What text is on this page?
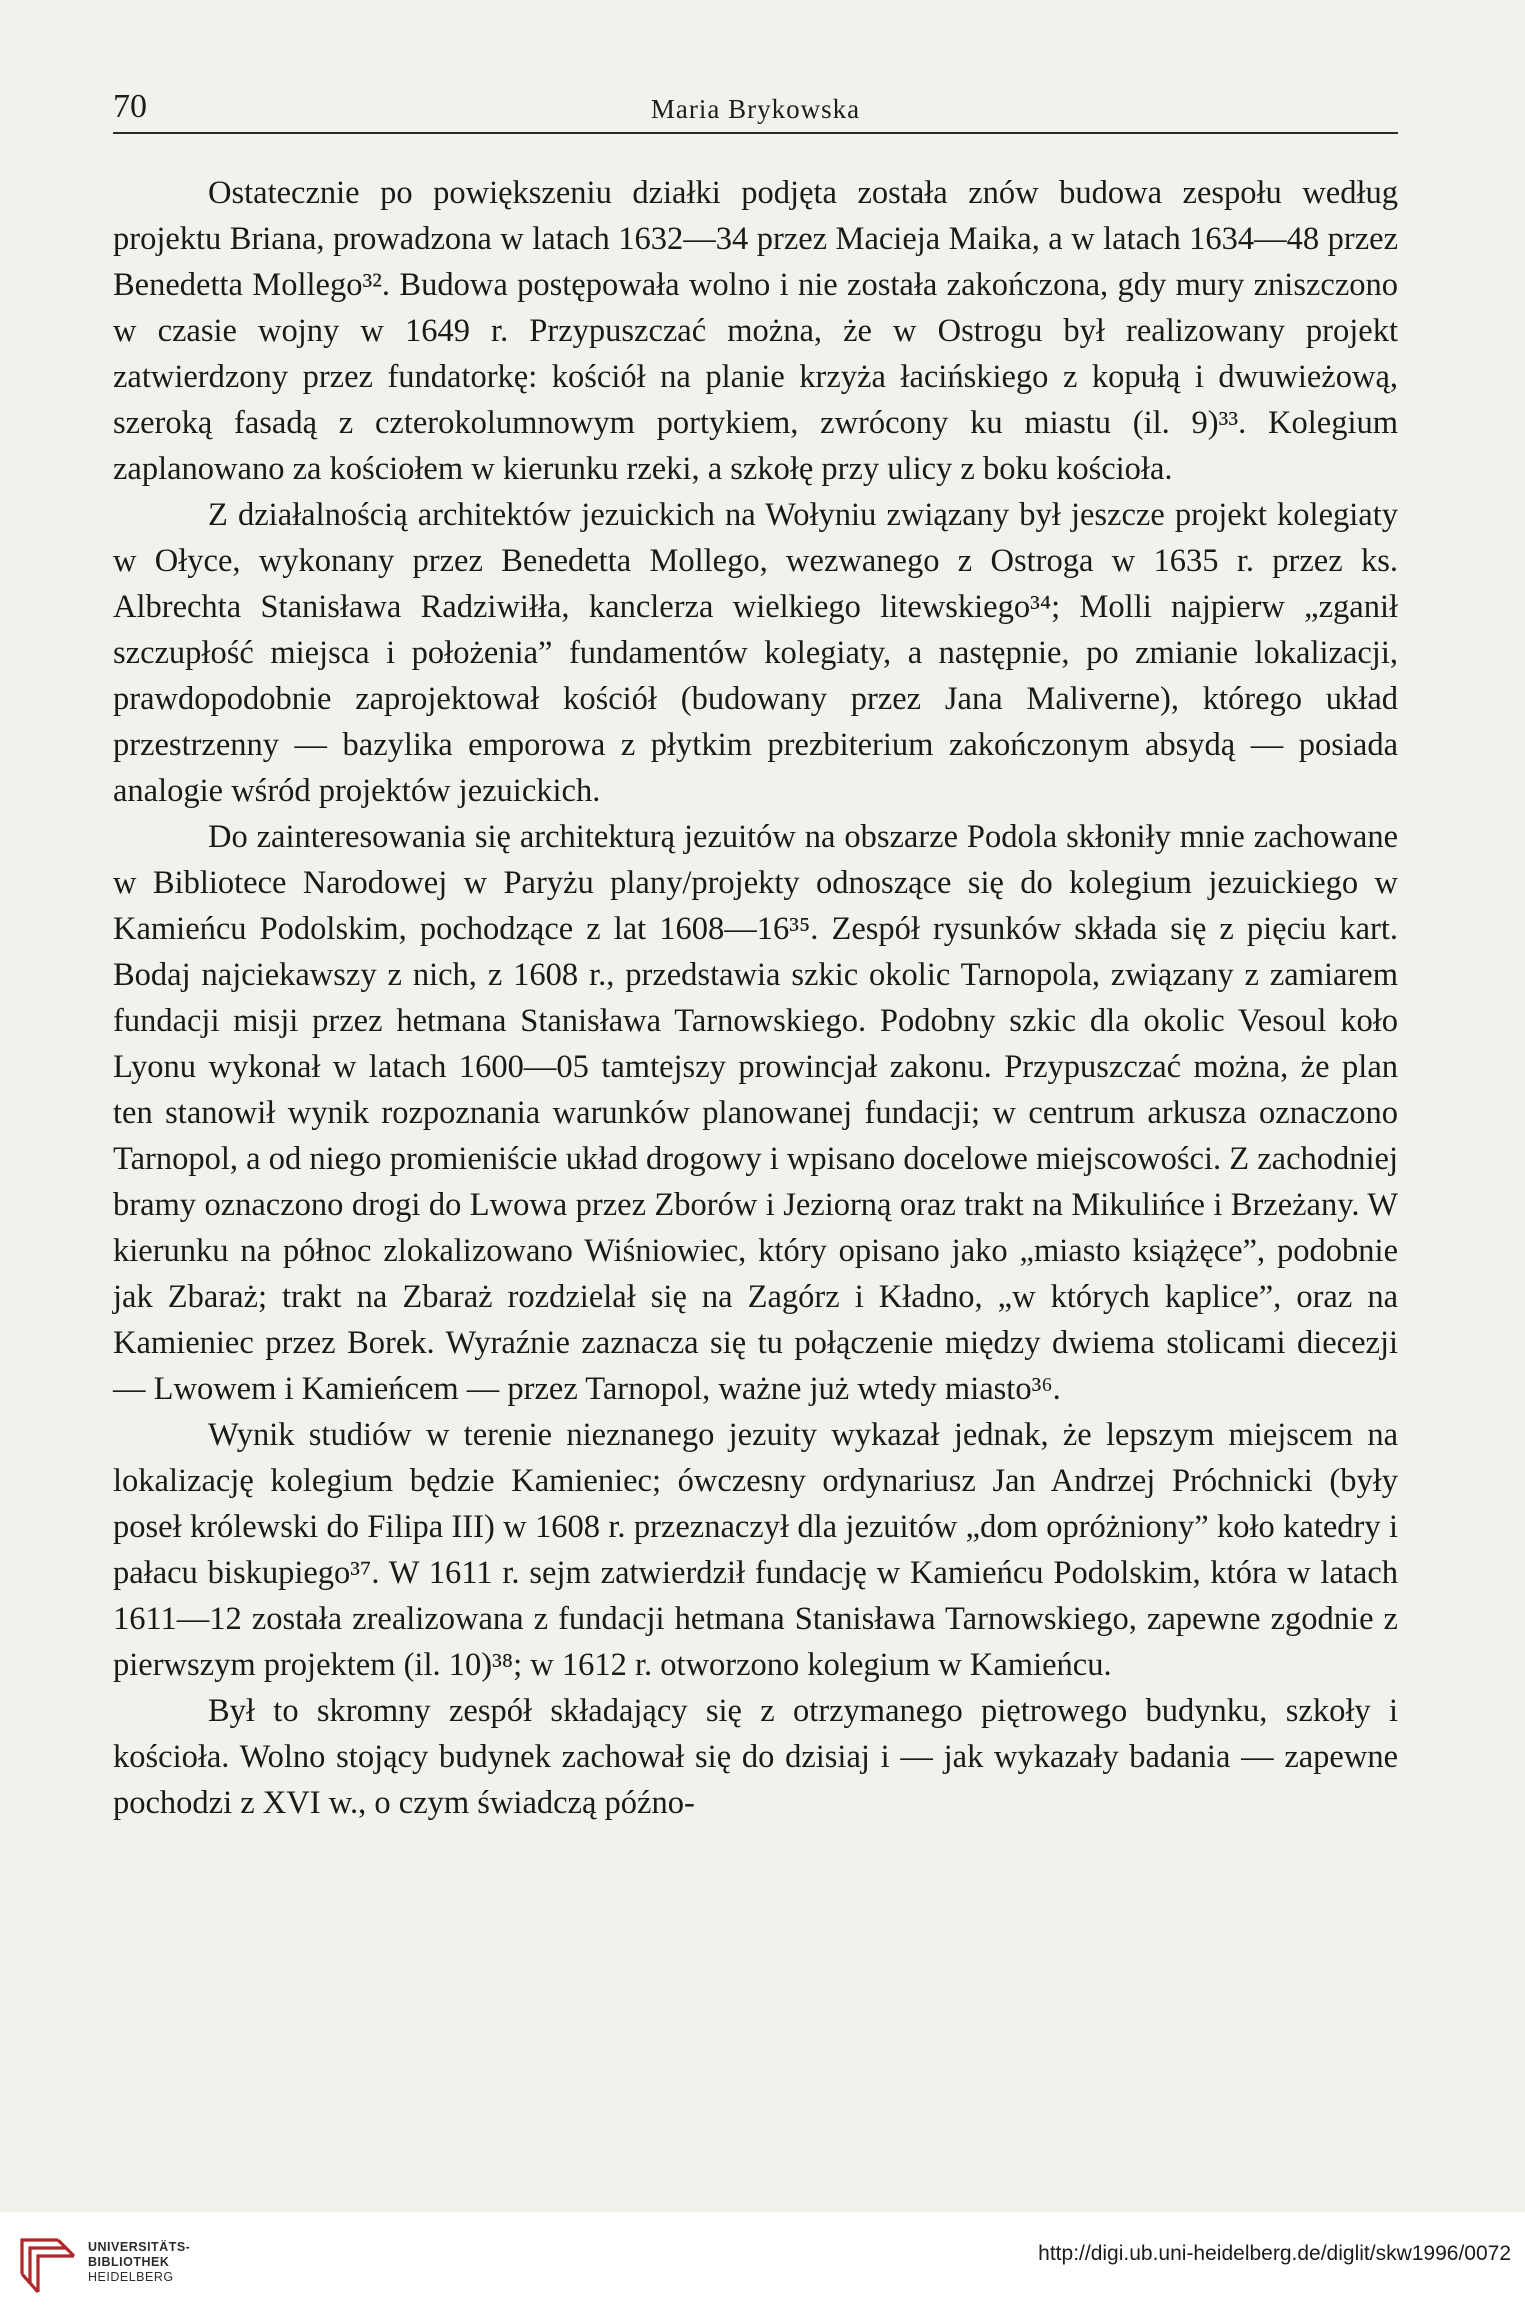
70	Maria Brykowska

Ostatecznie po powiększeniu działki podjęta została znów budowa zespołu według projektu Briana, prowadzona w latach 1632—34 przez Macieja Maika, a w latach 1634—48 przez Benedetta Mollego³². Budowa postępowała wolno i nie została zakończona, gdy mury zniszczono w czasie wojny w 1649 r. Przypuszczać można, że w Ostrogu był realizowany projekt zatwierdzony przez fundatorkę: kościół na planie krzyża łacińskiego z kopułą i dwuwieżową, szeroką fasadą z czterokolumnowym portykiem, zwrócony ku miastu (il. 9)³³. Kolegium zaplanowano za kościołem w kierunku rzeki, a szkołę przy ulicy z boku kościoła.

Z działalnością architektów jezuickich na Wołyniu związany był jeszcze projekt kolegiaty w Ołyce, wykonany przez Benedetta Mollego, wezwanego z Ostroga w 1635 r. przez ks. Albrechta Stanisława Radziwiłła, kanclerza wielkiego litewskiego³⁴; Molli najpierw „zganił szczupłość miejsca i położenia” fundamentów kolegiaty, a następnie, po zmianie lokalizacji, prawdopodobnie zaprojektował kościół (budowany przez Jana Maliverne), którego układ przestrzenny — bazylika emporowa z płytkim prezbiterium zakończonym absydą — posiada analogie wśród projektów jezuickich.

Do zainteresowania się architekturą jezuitów na obszarze Podola skłoniły mnie zachowane w Bibliotece Narodowej w Paryżu plany/projekty odnoszące się do kolegium jezuickiego w Kamieńcu Podolskim, pochodzące z lat 1608—16³⁵. Zespół rysunków składa się z pięciu kart. Bodaj najciekawszy z nich, z 1608 r., przedstawia szkic okolic Tarnopola, związany z zamiarem fundacji misji przez hetmana Stanisława Tarnowskiego. Podobny szkic dla okolic Vesoul koło Lyonu wykonał w latach 1600—05 tamtejszy prowincjał zakonu. Przypuszczać można, że plan ten stanowił wynik rozpoznania warunków planowanej fundacji; w centrum arkusza oznaczono Tarnopol, a od niego promieniście układ drogowy i wpisano docelowe miejscowości. Z zachodniej bramy oznaczono drogi do Lwowa przez Zborów i Jeziorną oraz trakt na Mikulińce i Brzeżany. W kierunku na północ zlokalizowano Wiśniowiec, który opisano jako „miasto książęce”, podobnie jak Zbaraż; trakt na Zbaraż rozdzielał się na Zagórz i Kładno, „w których kaplice”, oraz na Kamieniec przez Borek. Wyraźnie zaznacza się tu połączenie między dwiema stolicami diecezji — Lwowem i Kamieńcem — przez Tarnopol, ważne już wtedy miasto³⁶.

Wynik studiów w terenie nieznanego jezuity wykazał jednak, że lepszym miejscem na lokalizację kolegium będzie Kamieniec; ówczesny ordynariusz Jan Andrzej Próchnicki (były poseł królewski do Filipa III) w 1608 r. przeznaczył dla jezuitów „dom opróżniony” koło katedry i pałacu biskupiego³⁷. W 1611 r. sejm zatwierdził fundację w Kamieńcu Podolskim, która w latach 1611—12 została zrealizowana z fundacji hetmana Stanisława Tarnowskiego, zapewne zgodnie z pierwszym projektem (il. 10)³⁸; w 1612 r. otworzono kolegium w Kamieńcu.

Był to skromny zespół składający się z otrzymanego piętrowego budynku, szkoły i kościoła. Wolno stojący budynek zachował się do dzisiaj i — jak wykazały badania — zapewne pochodzi z XVI w., o czym świadczą późno-

UNIVERSITÄTS-
BIBLIOTHEK
HEIDELBERG
http://digi.ub.uni-heidelberg.de/diglit/skw1996/0072
